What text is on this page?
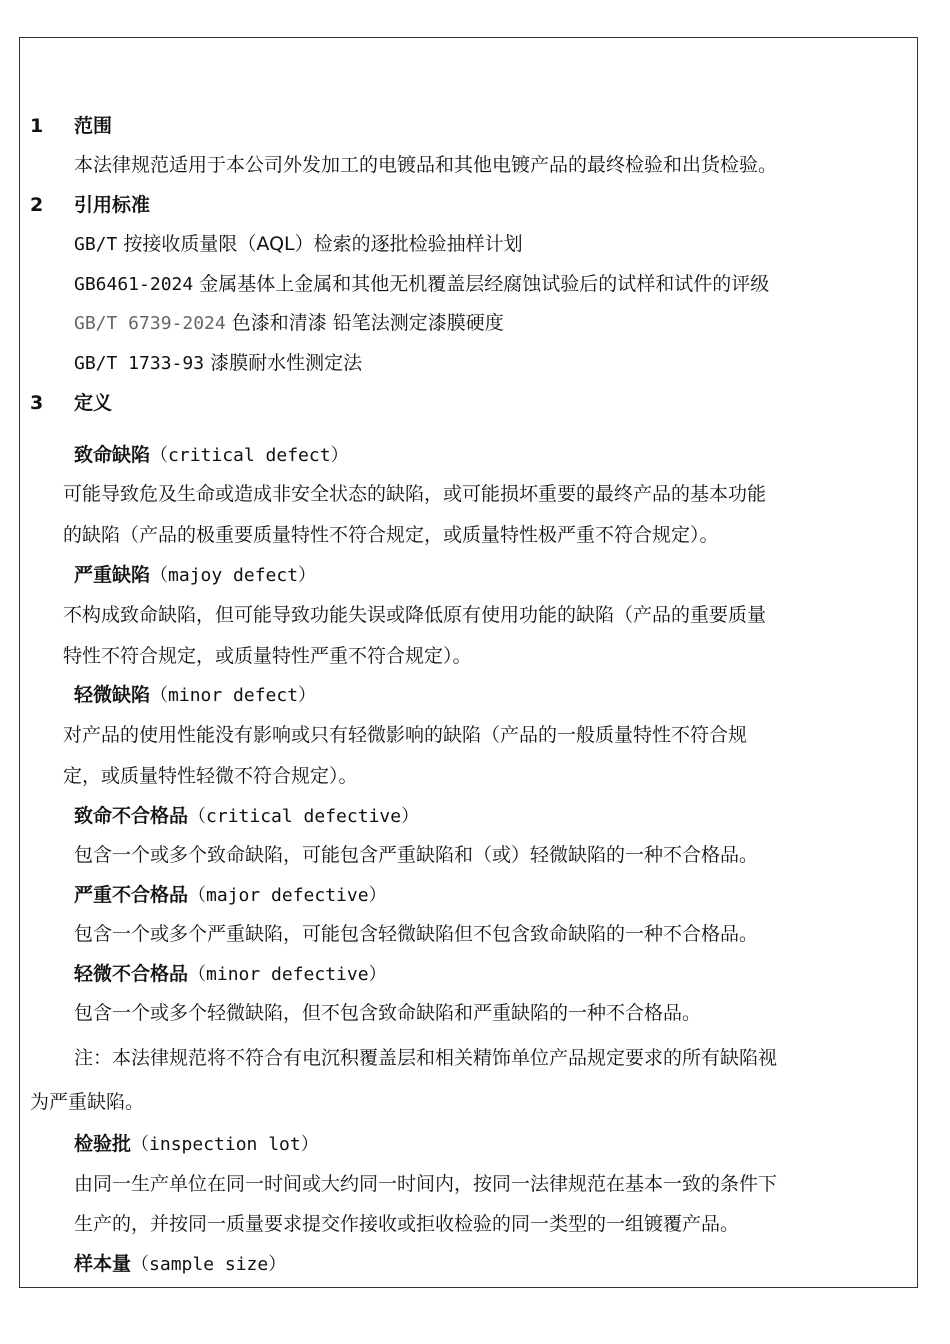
1 范围
本法律规范适用于本公司外发加工的电镀品和其他电镀产品的最终检验和出货检验。
2 引用标准
GB/T 按接收质量限（AQL）检索的逐批检验抽样计划
GB6461-2024 金属基体上金属和其他无机覆盖层经腐蚀试验后的试样和试件的评级
GB/T 6739-2024 色漆和清漆 铅笔法测定漆膜硬度
GB/T 1733-93 漆膜耐水性测定法
3 定义
致命缺陷（critical defect）
可能导致危及生命或造成非安全状态的缺陷，或可能损坏重要的最终产品的基本功能
的缺陷（产品的极重要质量特性不符合规定，或质量特性极严重不符合规定）。
严重缺陷（majoy defect）
不构成致命缺陷，但可能导致功能失误或降低原有使用功能的缺陷（产品的重要质量
特性不符合规定，或质量特性严重不符合规定）。
轻微缺陷（minor defect）
对产品的使用性能没有影响或只有轻微影响的缺陷（产品的一般质量特性不符合规
定，或质量特性轻微不符合规定）。
致命不合格品（critical defective）
包含一个或多个致命缺陷，可能包含严重缺陷和（或）轻微缺陷的一种不合格品。
严重不合格品（major defective）
包含一个或多个严重缺陷，可能包含轻微缺陷但不包含致命缺陷的一种不合格品。
轻微不合格品（minor defective）
包含一个或多个轻微缺陷，但不包含致命缺陷和严重缺陷的一种不合格品。
注：本法律规范将不符合有电沉积覆盖层和相关精饰单位产品规定要求的所有缺陷视
为严重缺陷。
检验批（inspection lot）
由同一生产单位在同一时间或大约同一时间内，按同一法律规范在基本一致的条件下
生产的，并按同一质量要求提交作接收或拒收检验的同一类型的一组镀覆产品。
样本量（sample size）
